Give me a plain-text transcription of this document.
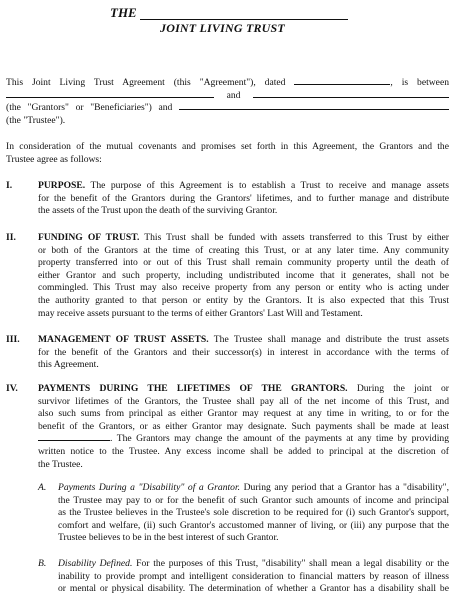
THE
JOINT LIVING TRUST
This Joint Living Trust Agreement (this "Agreement"), dated	, is between
and
(the "Grantors" or "Beneficiaries") and
(the "Trustee").
In consideration of the mutual covenants and promises set forth in this Agreement, the Grantors and the
Trustee agree as follows:
I.	PURPOSE. The purpose of this Agreement is to establish a Trust to receive and manage assets
for the benefit of the Grantors during the Grantors' lifetimes, and to further manage and distribute
the assets of the Trust upon the death of the surviving Grantor.
II. FUNDING OF TRUST. This Trust shall be funded with assets transferred to this Trust by either
or both of the Grantors at the time of creating this Trust, or at any later time. Any community
property transferred into or out of this Trust shall remain community property until the death of
either Grantor and such property, including undistributed income that it generates, shall not be
commingled. This Trust may also receive property from any person or entity who is acting under
the authority granted to that person or entity by the Grantors. It is also expected that this Trust
may receive assets pursuant to the terms of either Grantors' Last Will and Testament.
III. MANAGEMENT OF TRUST ASSETS. The Trustee shall manage and distribute the trust assets
for the benefit of the Grantors and their successor(s) in interest in accordance with the terms of
this Agreement.
IV. PAYMENTS DURING THE LIFETIMES OF THE GRANTORS. During the joint or
survivor lifetimes of the Grantors, the Trustee shall pay all of the net income of this Trust, and
also such sums from principal as either Grantor may request at any time in writing, to or for the
benefit of the Grantors, or as either Grantor may designate. Such payments shall be made at least
. The Grantors may change the amount of the payments at any time by providing
written notice to the Trustee. Any excess income shall be added to principal at the discretion of
the Trustee.
A. Payments During a "Disability" of a Grantor. During any period that a Grantor has a "disability",
the Trustee may pay to or for the benefit of such Grantor such amounts of income and principal
as the Trustee believes in the Trustee's sole discretion to be required for (i) such Grantor's support,
comfort and welfare, (ii) such Grantor's accustomed manner of living, or (iii) any purpose that the
Trustee believes to be in the best interest of such Grantor.
B. Disability Defined. For the purposes of this Trust, "disability" shall mean a legal disability or the
inability to provide prompt and intelligent consideration to financial matters by reason of illness
or mental or physical disability. The determination of whether a Grantor has a disability shall be
